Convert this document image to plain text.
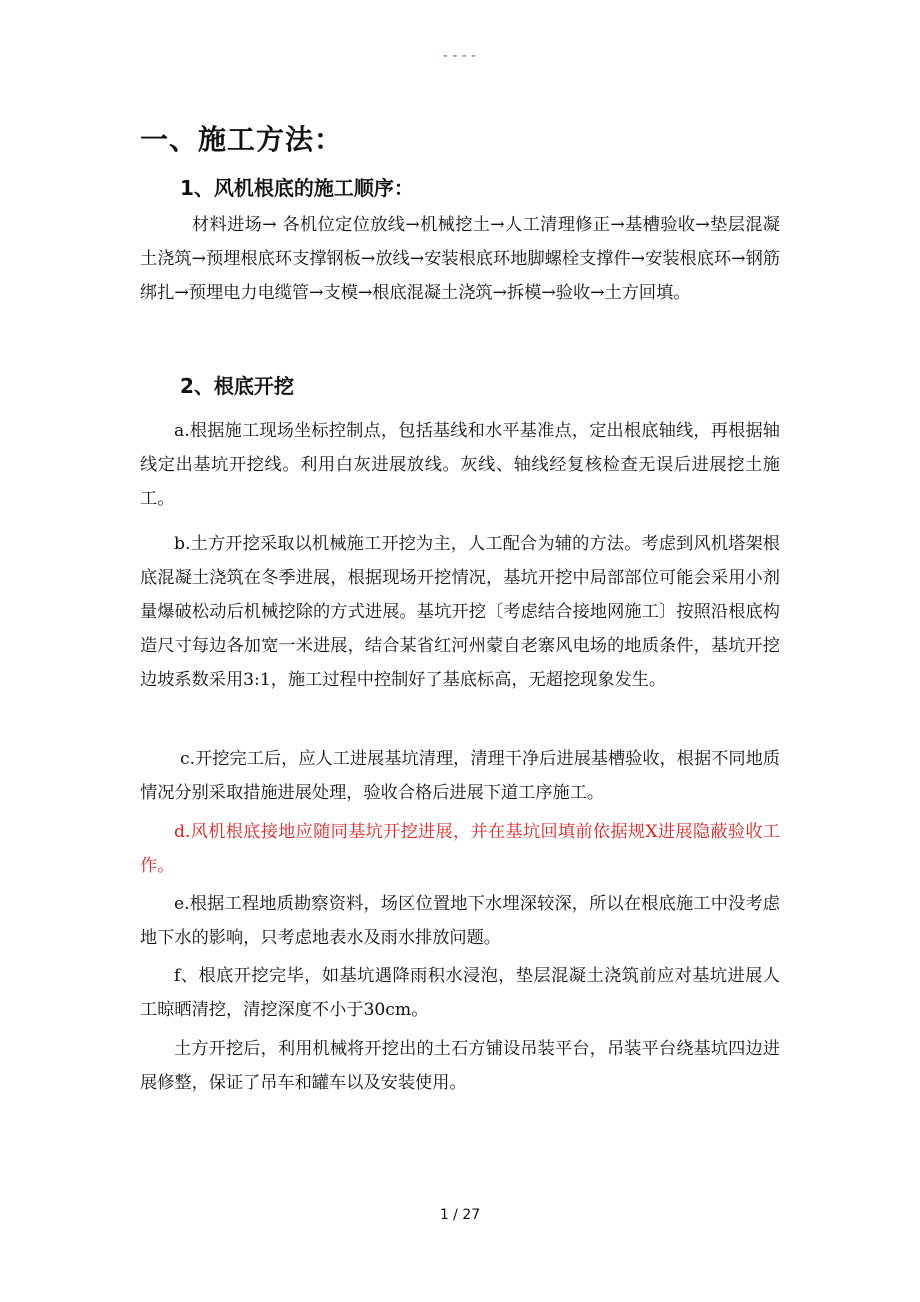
----
一、施工方法：
1、风机根底的施工顺序：
材料进场→ 各机位定位放线→机械挖土→人工清理修正→基槽验收→垫层混凝土浇筑→预埋根底环支撑钢板→放线→安装根底环地脚螺栓支撑件→安装根底环→钢筋绑扎→预埋电力电缆管→支模→根底混凝土浇筑→拆模→验收→土方回填。
2、根底开挖
a.根据施工现场坐标控制点，包括基线和水平基准点，定出根底轴线，再根据轴线定出基坑开挖线。利用白灰进展放线。灰线、轴线经复核检查无误后进展挖土施工。
b.土方开挖采取以机械施工开挖为主，人工配合为辅的方法。考虑到风机塔架根底混凝土浇筑在冬季进展，根据现场开挖情况，基坑开挖中局部部位可能会采用小剂量爆破松动后机械挖除的方式进展。基坑开挖〔考虑结合接地网施工〕按照沿根底构造尺寸每边各加宽一米进展，结合某省红河州蒙自老寨风电场的地质条件，基坑开挖边坡系数采用3:1，施工过程中控制好了基底标高，无超挖现象发生。
c.开挖完工后，应人工进展基坑清理，清理干净后进展基槽验收，根据不同地质情况分别采取措施进展处理，验收合格后进展下道工序施工。
d.风机根底接地应随同基坑开挖进展，并在基坑回填前依据规X进展隐蔽验收工作。
e.根据工程地质勘察资料，场区位置地下水埋深较深，所以在根底施工中没考虑地下水的影响，只考虑地表水及雨水排放问题。
f、根底开挖完毕，如基坑遇降雨积水浸泡，垫层混凝土浇筑前应对基坑进展人工晾晒清挖，清挖深度不小于30cm。
土方开挖后，利用机械将开挖出的土石方铺设吊装平台，吊装平台绕基坑四边进展修整，保证了吊车和罐车以及安装使用。
1 / 27
